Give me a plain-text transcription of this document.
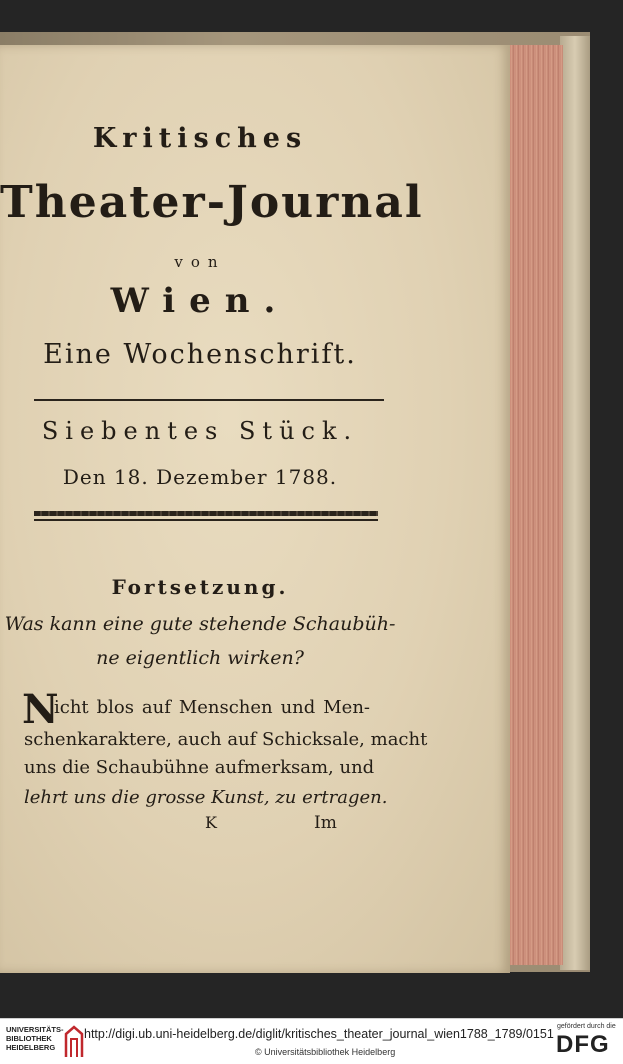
Kritisches
Theater-Journal
von
Wien.
Eine Wochenschrift.
Siebentes Stück.
Den 18. Dezember 1788.
Fortsetzung.
Was kann eine gute stehende Schaubüh-
ne eigentlich wirken?
N
icht blos auf Menschen und Men-
schenkaraktere, auch auf Schicksale, macht
uns die Schaubühne aufmerksam, und
lehrt uns die grosse Kunst, zu ertragen.
K	Im
UNIVERSITÄTS-
BIBLIOTHEK
HEIDELBERG
http://digi.ub.uni-heidelberg.de/diglit/kritisches_theater_journal_wien1788_1789/0151
© Universitätsbibliothek Heidelberg
gefördert durch die
DFG
